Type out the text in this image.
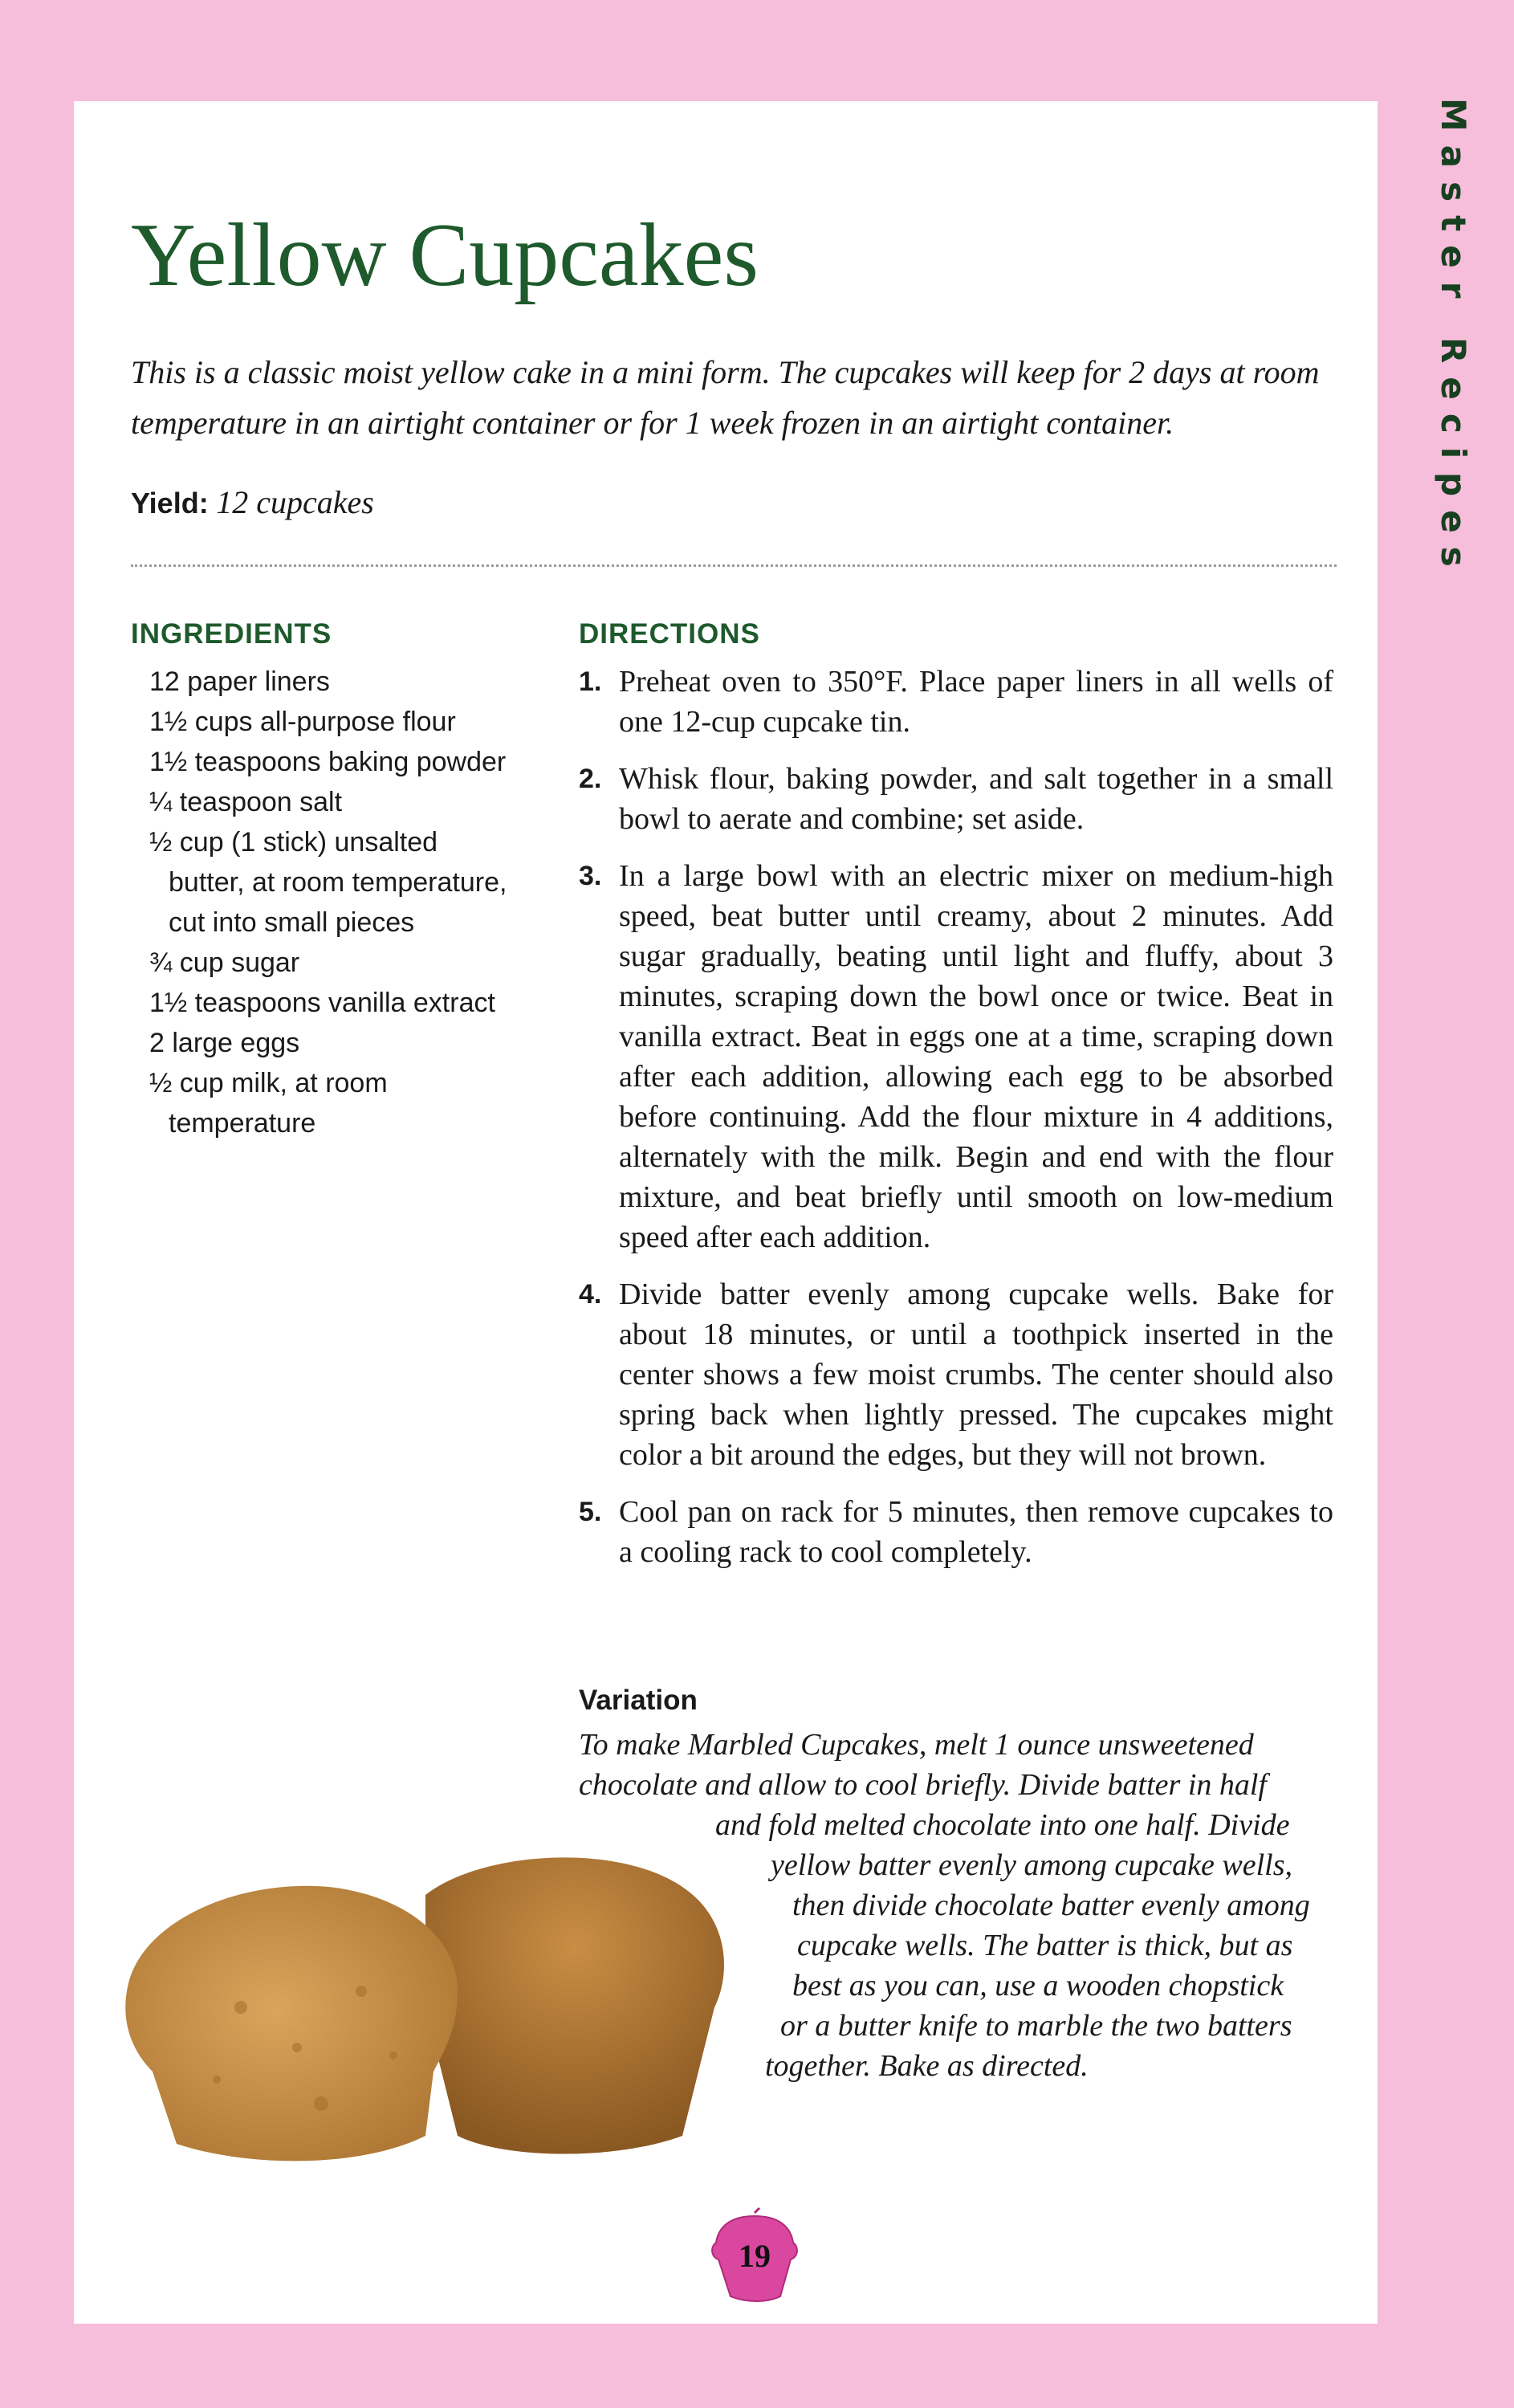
Master Recipes
Yellow Cupcakes
This is a classic moist yellow cake in a mini form. The cupcakes will keep for 2 days at room temperature in an airtight container or for 1 week frozen in an airtight container.
Yield: 12 cupcakes
INGREDIENTS
12 paper liners
1½ cups all-purpose flour
1½ teaspoons baking powder
¼ teaspoon salt
½ cup (1 stick) unsalted butter, at room temperature, cut into small pieces
¾ cup sugar
1½ teaspoons vanilla extract
2 large eggs
½ cup milk, at room temperature
DIRECTIONS
1. Preheat oven to 350°F. Place paper liners in all wells of one 12-cup cupcake tin.
2. Whisk flour, baking powder, and salt together in a small bowl to aerate and combine; set aside.
3. In a large bowl with an electric mixer on medium-high speed, beat butter until creamy, about 2 minutes. Add sugar gradually, beating until light and fluffy, about 3 minutes, scraping down the bowl once or twice. Beat in vanilla extract. Beat in eggs one at a time, scraping down after each addition, allowing each egg to be absorbed before continuing. Add the flour mixture in 4 additions, alternately with the milk. Begin and end with the flour mixture, and beat briefly until smooth on low-medium speed after each addition.
4. Divide batter evenly among cupcake wells. Bake for about 18 minutes, or until a toothpick inserted in the center shows a few moist crumbs. The center should also spring back when lightly pressed. The cupcakes might color a bit around the edges, but they will not brown.
5. Cool pan on rack for 5 minutes, then remove cupcakes to a cooling rack to cool completely.
Variation
To make Marbled Cupcakes, melt 1 ounce unsweetened
chocolate and allow to cool briefly. Divide batter in half
and fold melted chocolate into one half. Divide
yellow batter evenly among cupcake wells,
then divide chocolate batter evenly among
cupcake wells. The batter is thick, but as
best as you can, use a wooden chopstick
or a butter knife to marble the two batters
together. Bake as directed.
19
